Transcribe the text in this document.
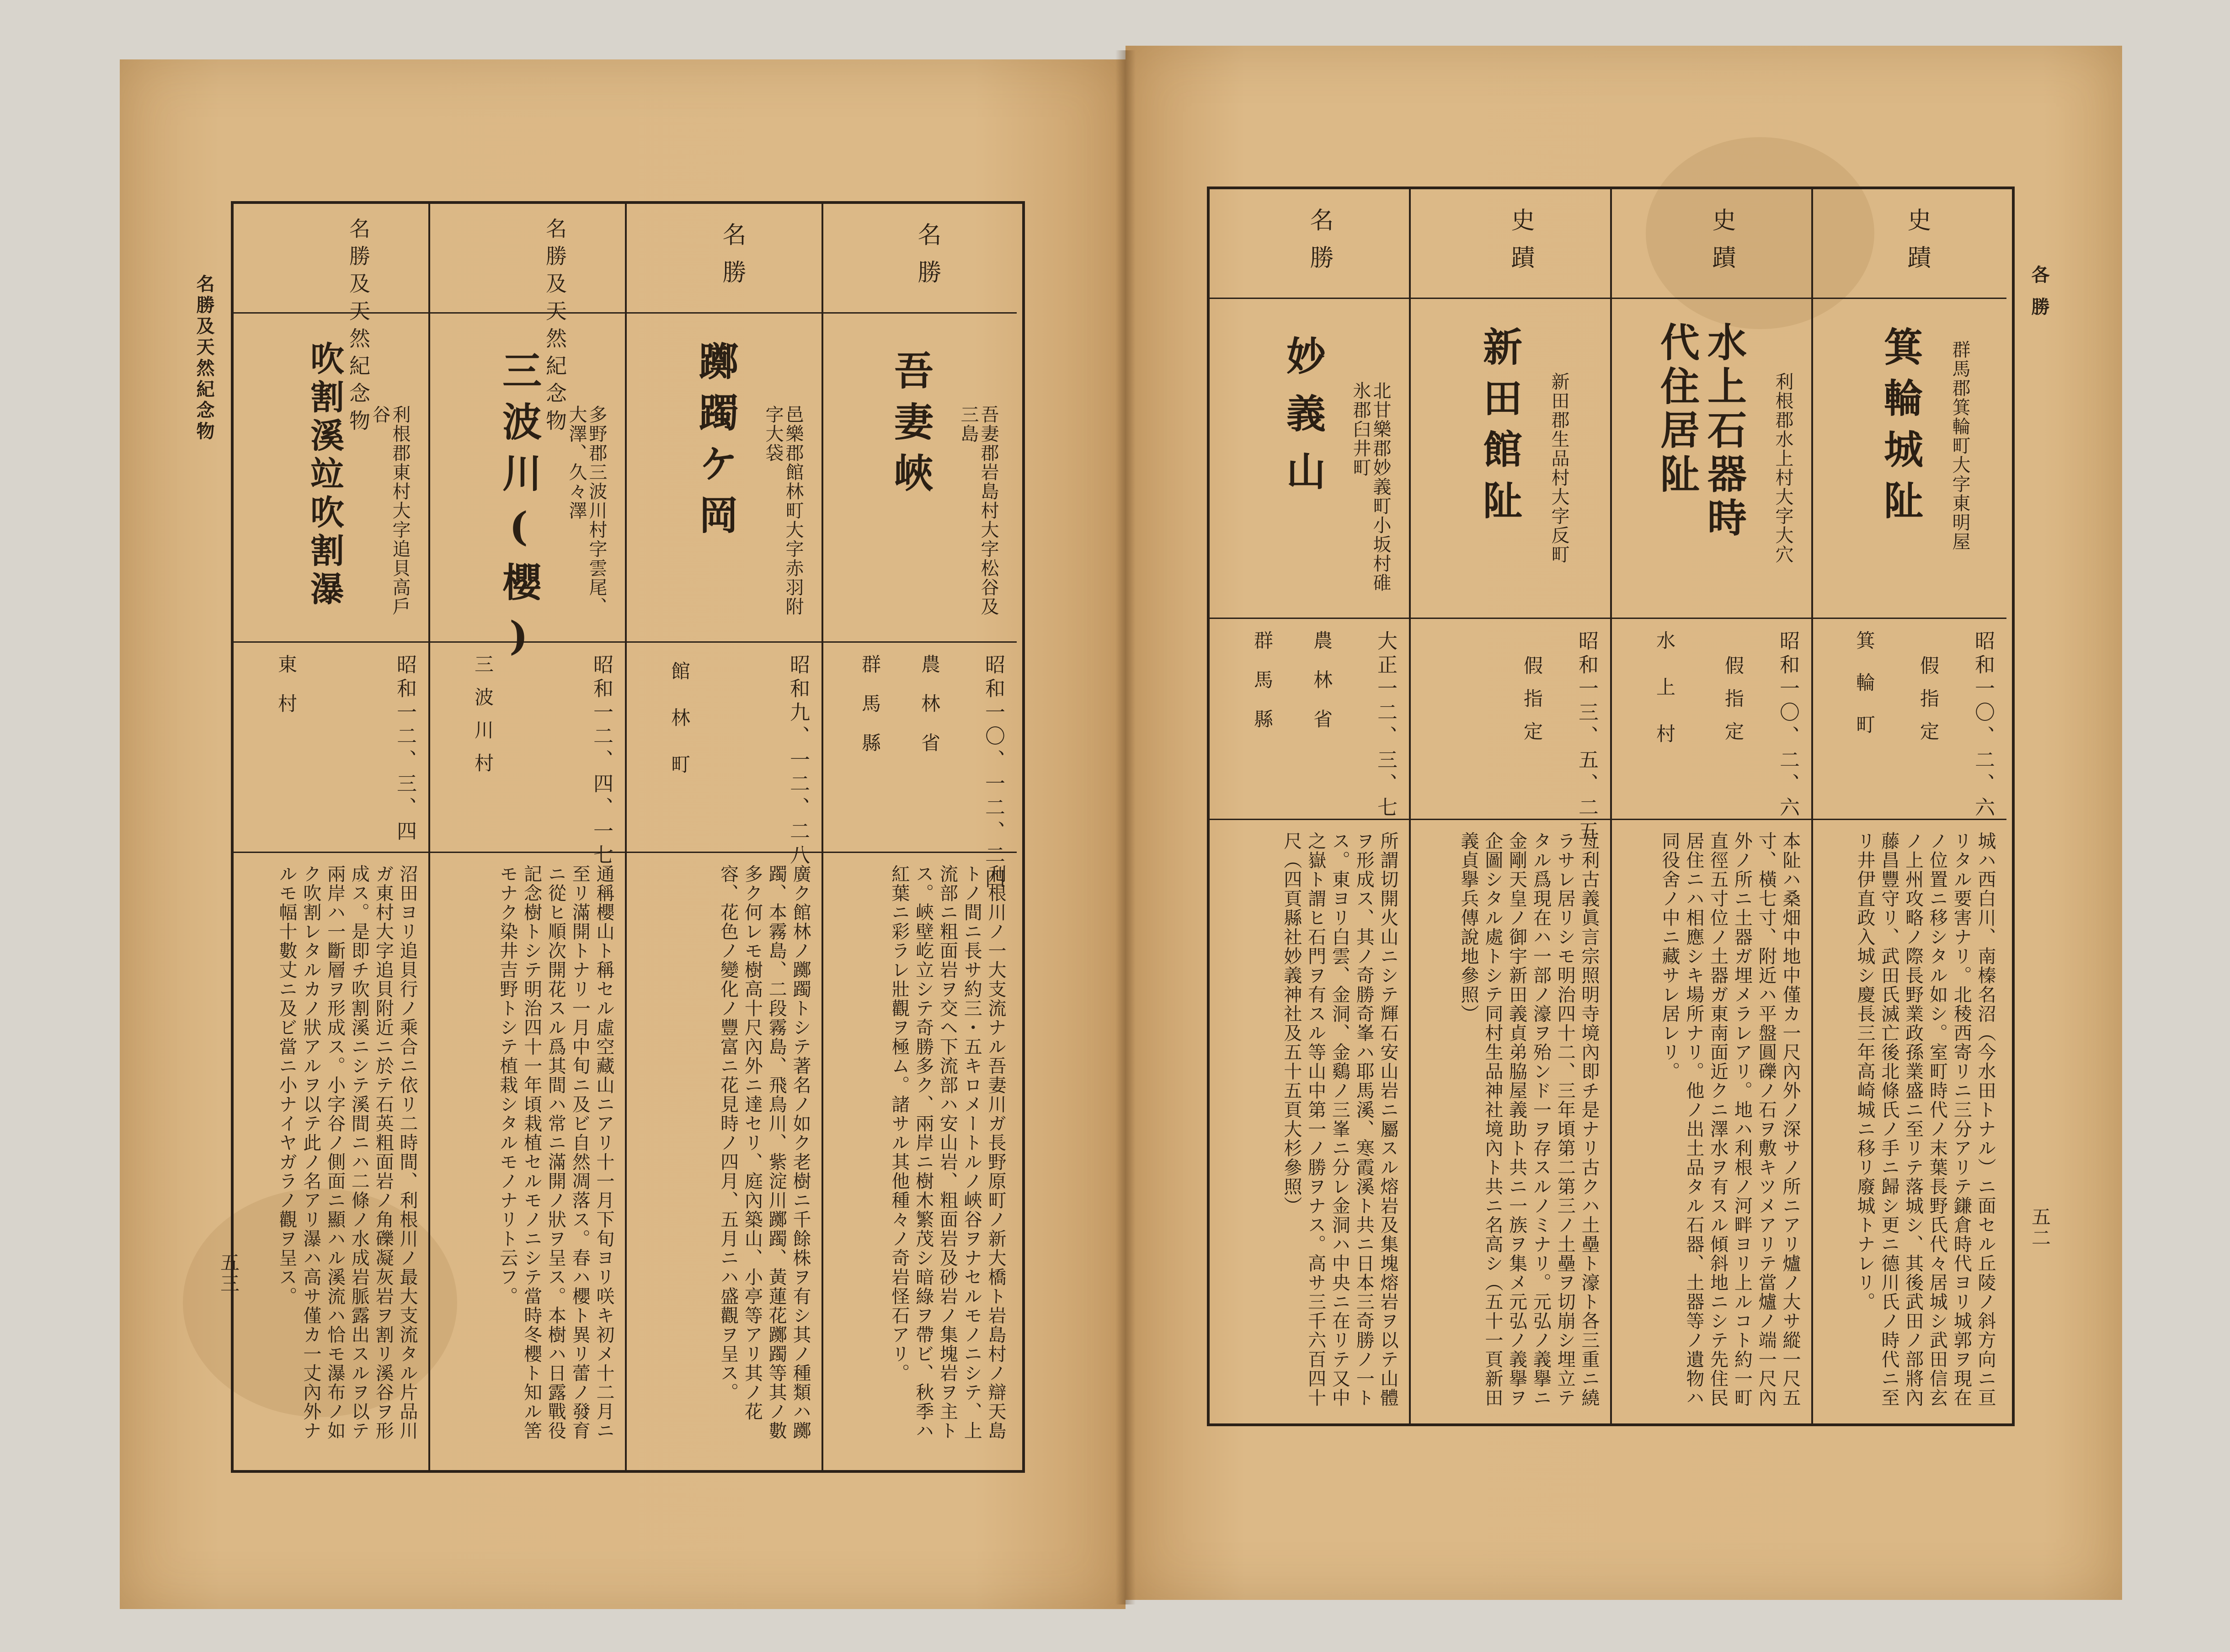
名勝及天然紀念物
五三
名勝及天然紀念物
吹割溪竝吹割瀑	利根郡東村大字追貝高戶谷
昭和一二、三、四
東村
沼田ヨリ追貝行ノ乘合ニ依リ二時間、利根川ノ最大支流タル片品川ガ東村大字追貝附近ニ於テ石英粗面岩ノ角礫凝灰岩ヲ割リ溪谷ヲ形成ス。是即チ吹割溪ニシテ溪間ニハ二條ノ水成岩脈露出スルヲ以テ兩岸ハ一斷層ヲ形成ス。小字谷ノ側面ニ顯ハル溪流ハ恰モ瀑布ノ如ク吹割レタルカノ狀アルヲ以テ此ノ名アリ瀑ハ高サ僅カ一丈內外ナルモ幅十數丈ニ及ビ當ニ小ナイヤガラノ觀ヲ呈ス。
名勝及天然紀念物
三波川(櫻)	多野郡三波川村字雲尾、大澤、久々澤
昭和一二、四、一七
三波川村
通稱櫻山ト稱セル虛空藏山ニアリ十一月下旬ヨリ咲キ初メ十二月ニ至リ滿開トナリ一月中旬ニ及ビ自然凋落ス。春ハ櫻ト異リ蕾ノ發育ニ從ヒ順次開花スル爲其間ハ常ニ滿開ノ狀ヲ呈ス。本樹ハ日露戰役記念樹トシテ明治四十一年頃栽植セルモノニシテ當時冬櫻ト知ル筈モナク染井吉野トシテ植栽シタルモノナリト云フ。
名勝
躑躅ケ岡	邑樂郡館林町大字赤羽附字大袋
昭和九、一二、二八
館林町
廣ク館林ノ躑躅トシテ著名ノ如ク老樹ニ千餘株ヲ有シ其ノ種類ハ躑躅、本霧島、二段霧島、飛鳥川、紫淀川躑躅、黃蓮花躑躅等其ノ數多ク何レモ樹高十尺內外ニ達セリ、庭內築山、小亭等アリ其ノ花容、花色ノ變化ノ豐富ニ花見時ノ四月、五月ニハ盛觀ヲ呈ス。
名勝
吾妻峽	吾妻郡岩島村大字松谷及三島
昭和一〇、一二、二四
農林省
群馬縣
利根川ノ一大支流ナル吾妻川ガ長野原町ノ新大橋ト岩島村ノ辯天島トノ間ニ長サ約三・五キロメートルノ峽谷ヲナセルモノニシテ、上流部ニ粗面岩ヲ交ヘ下流部ハ安山岩、粗面岩及砂岩ノ集塊岩ヲ主トス。峽壁屹立シテ奇勝多ク、兩岸ニ樹木繁茂シ暗綠ヲ帶ビ、秋季ハ紅葉ニ彩ラレ壯觀ヲ極ム。諸サル其他種々ノ奇岩怪石アリ。
各勝
五二
名勝
妙義山	北甘樂郡妙義町小坂村碓氷郡臼井町
大正一二、三、七
農林省
群馬縣
所謂切開火山ニシテ輝石安山岩ニ屬スル熔岩及集塊熔岩ヲ以テ山體ヲ形成ス、其ノ奇勝奇峯ハ耶馬溪、寒霞溪ト共ニ日本三奇勝ノ一トス。東ヨリ白雲、金洞、金鷄ノ三峯ニ分レ金洞ハ中央ニ在リテ又中之嶽ト謂ヒ石門ヲ有スル等山中第一ノ勝ヲナス。高サ三千六百四十尺（四頁縣社妙義神社及五十五頁大杉參照）
史蹟
新田館阯 新田郡生品村大字反町
昭和一三、五、二五
假指定
亙利古義眞言宗照明寺境內即チ是ナリ古クハ土壘ト濠ト各三重ニ繞ラサレ居リシモ明治四十二、三年頃第二第三ノ土壘ヲ切崩シ埋立テタル爲現在ハ一部ノ濠ヲ殆ンド一ヲ存スルノミナリ。元弘ノ義擧ニ金剛天皇ノ御宇新田義貞弟脇屋義助ト共ニ一族ヲ集メ元弘ノ義擧ヲ企圖シタル處トシテ同村生品神社境內ト共ニ名高シ（五十一頁新田義貞擧兵傳說地參照）
史蹟
水上石器時代住居阯	利根郡水上村大字大穴
昭和一〇、二、六
假指定
水上村
本阯ハ桑畑中地中僅カ一尺內外ノ深サノ所ニアリ爐ノ大サ縱一尺五寸、橫七寸、附近ハ平盤圓礫ノ石ヲ敷キツメアリテ當爐ノ端一尺內外ノ所ニ土器ガ埋メラレアリ。地ハ利根ノ河畔ヨリ上ルコト約一町直徑五寸位ノ土器ガ東南面近クニ澤水ヲ有スル傾斜地ニシテ先住民居住ニハ相應シキ場所ナリ。他ノ出土品タル石器、土器等ノ遺物ハ同役舍ノ中ニ藏サレ居レリ。
史蹟
箕輪城阯 群馬郡箕輪町大字東明屋
昭和一〇、二、六
假指定
箕輪町
城ハ西白川、南榛名沼（今水田トナル）ニ面セル丘陵ノ斜方向ニ亘リタル要害ナリ。北稜西寄リニ三分アリテ鎌倉時代ヨリ城郭ヲ現在ノ位置ニ移シタル如シ。室町時代ノ末葉長野氏代々居城シ武田信玄ノ上州攻略ノ際長野業政孫業盛ニ至リテ落城シ、其後武田ノ部將內藤昌豐守リ、武田氏滅亡後北條氏ノ手ニ歸シ更ニ德川氏ノ時代ニ至リ井伊直政入城シ慶長三年高崎城ニ移リ廢城トナレリ。
